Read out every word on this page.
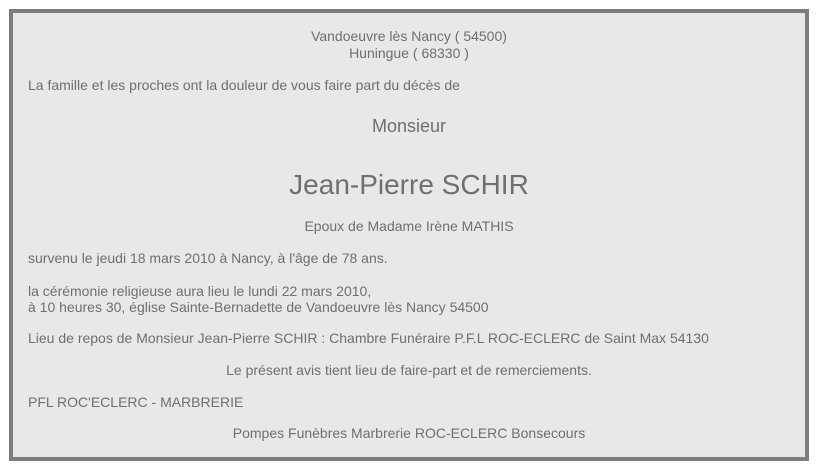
Vandoeuvre lès Nancy ( 54500)
Huningue ( 68330 )
La famille et les proches ont la douleur de vous faire part du décès de
Monsieur
Jean-Pierre SCHIR
Epoux de Madame Irène MATHIS
survenu le jeudi 18 mars 2010 à Nancy, à l'âge de 78 ans.
la cérémonie religieuse aura lieu le lundi 22 mars 2010,
à 10 heures 30, église Sainte-Bernadette de Vandoeuvre lès Nancy 54500
Lieu de repos de Monsieur Jean-Pierre SCHIR : Chambre Funéraire P.F.L ROC-ECLERC de Saint Max 54130
Le présent avis tient lieu de faire-part et de remerciements.
PFL ROC'ECLERC - MARBRERIE
Pompes Funèbres Marbrerie ROC-ECLERC Bonsecours
